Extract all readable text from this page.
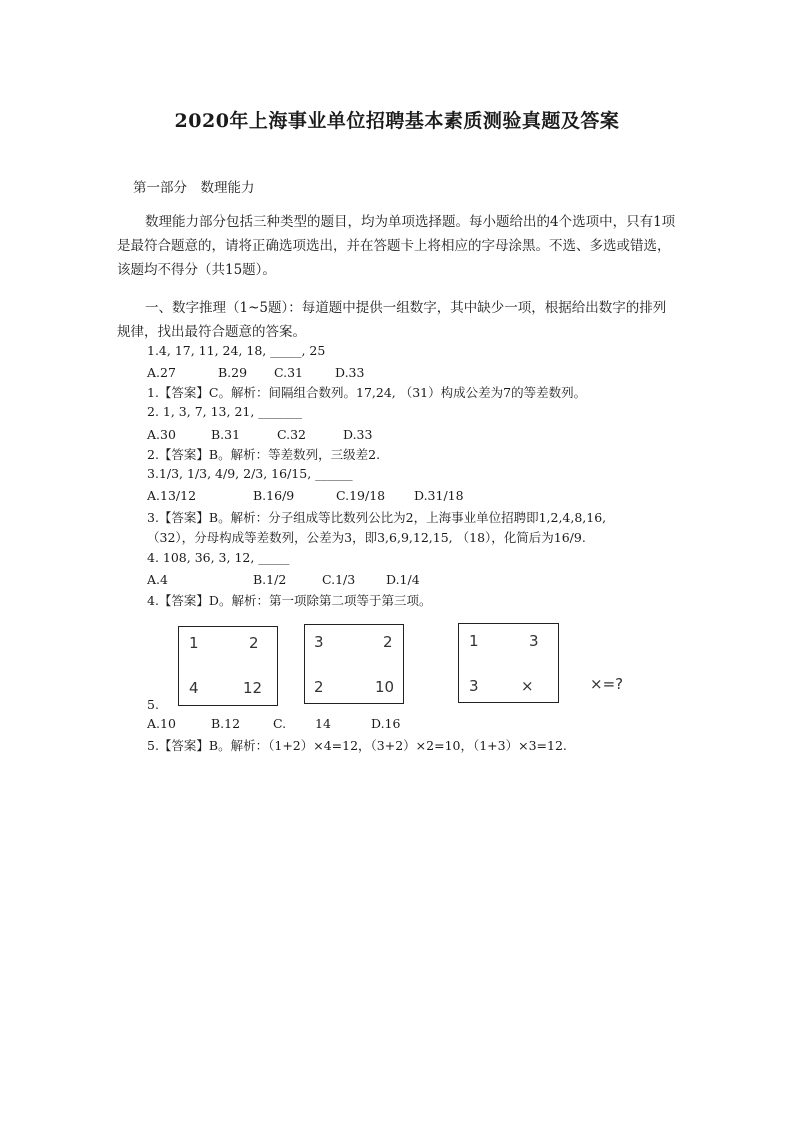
2020年上海事业单位招聘基本素质测验真题及答案
第一部分　数理能力
数理能力部分包括三种类型的题目，均为单项选择题。每小题给出的4个选项中，只有1项是最符合题意的，请将正确选项选出，并在答题卡上将相应的字母涂黑。不选、多选或错选，该题均不得分（共15题）。
一、数字推理（1~5题）：每道题中提供一组数字，其中缺少一项，根据给出数字的排列规律，找出最符合题意的答案。
1.4, 17, 11, 24, 18, _____, 25
A.27	B.29 C.31	D.33
1.【答案】C。解析：间隔组合数列。17,24, （31）构成公差为7的等差数列。
2. 1, 3, 7, 13, 21, _______
A.30	B.31	C.32	D.33
2.【答案】B。解析：等差数列，三级差2.
3.1/3, 1/3, 4/9, 2/3, 16/15, ______
A.13/12	B.16/9	C.19/18 D.31/18
3.【答案】B。解析：分子组成等比数列公比为2，上海事业单位招聘即1,2,4,8,16,
（32），分母构成等差数列，公差为3，即3,6,9,12,15, （18），化简后为16/9.
4. 108, 36, 3, 12, _____
A.4	B.1/2	C.1/3 D.1/4
4.【答案】D。解析：第一项除第二项等于第三项。
1	2
4	12
3	2
2	10
1	3
3	×	×=?
5.
A.10	B.12	C. 14	D.16
5.【答案】B。解析：（1+2）×4=12，（3+2）×2=10，（1+3）×3=12.
